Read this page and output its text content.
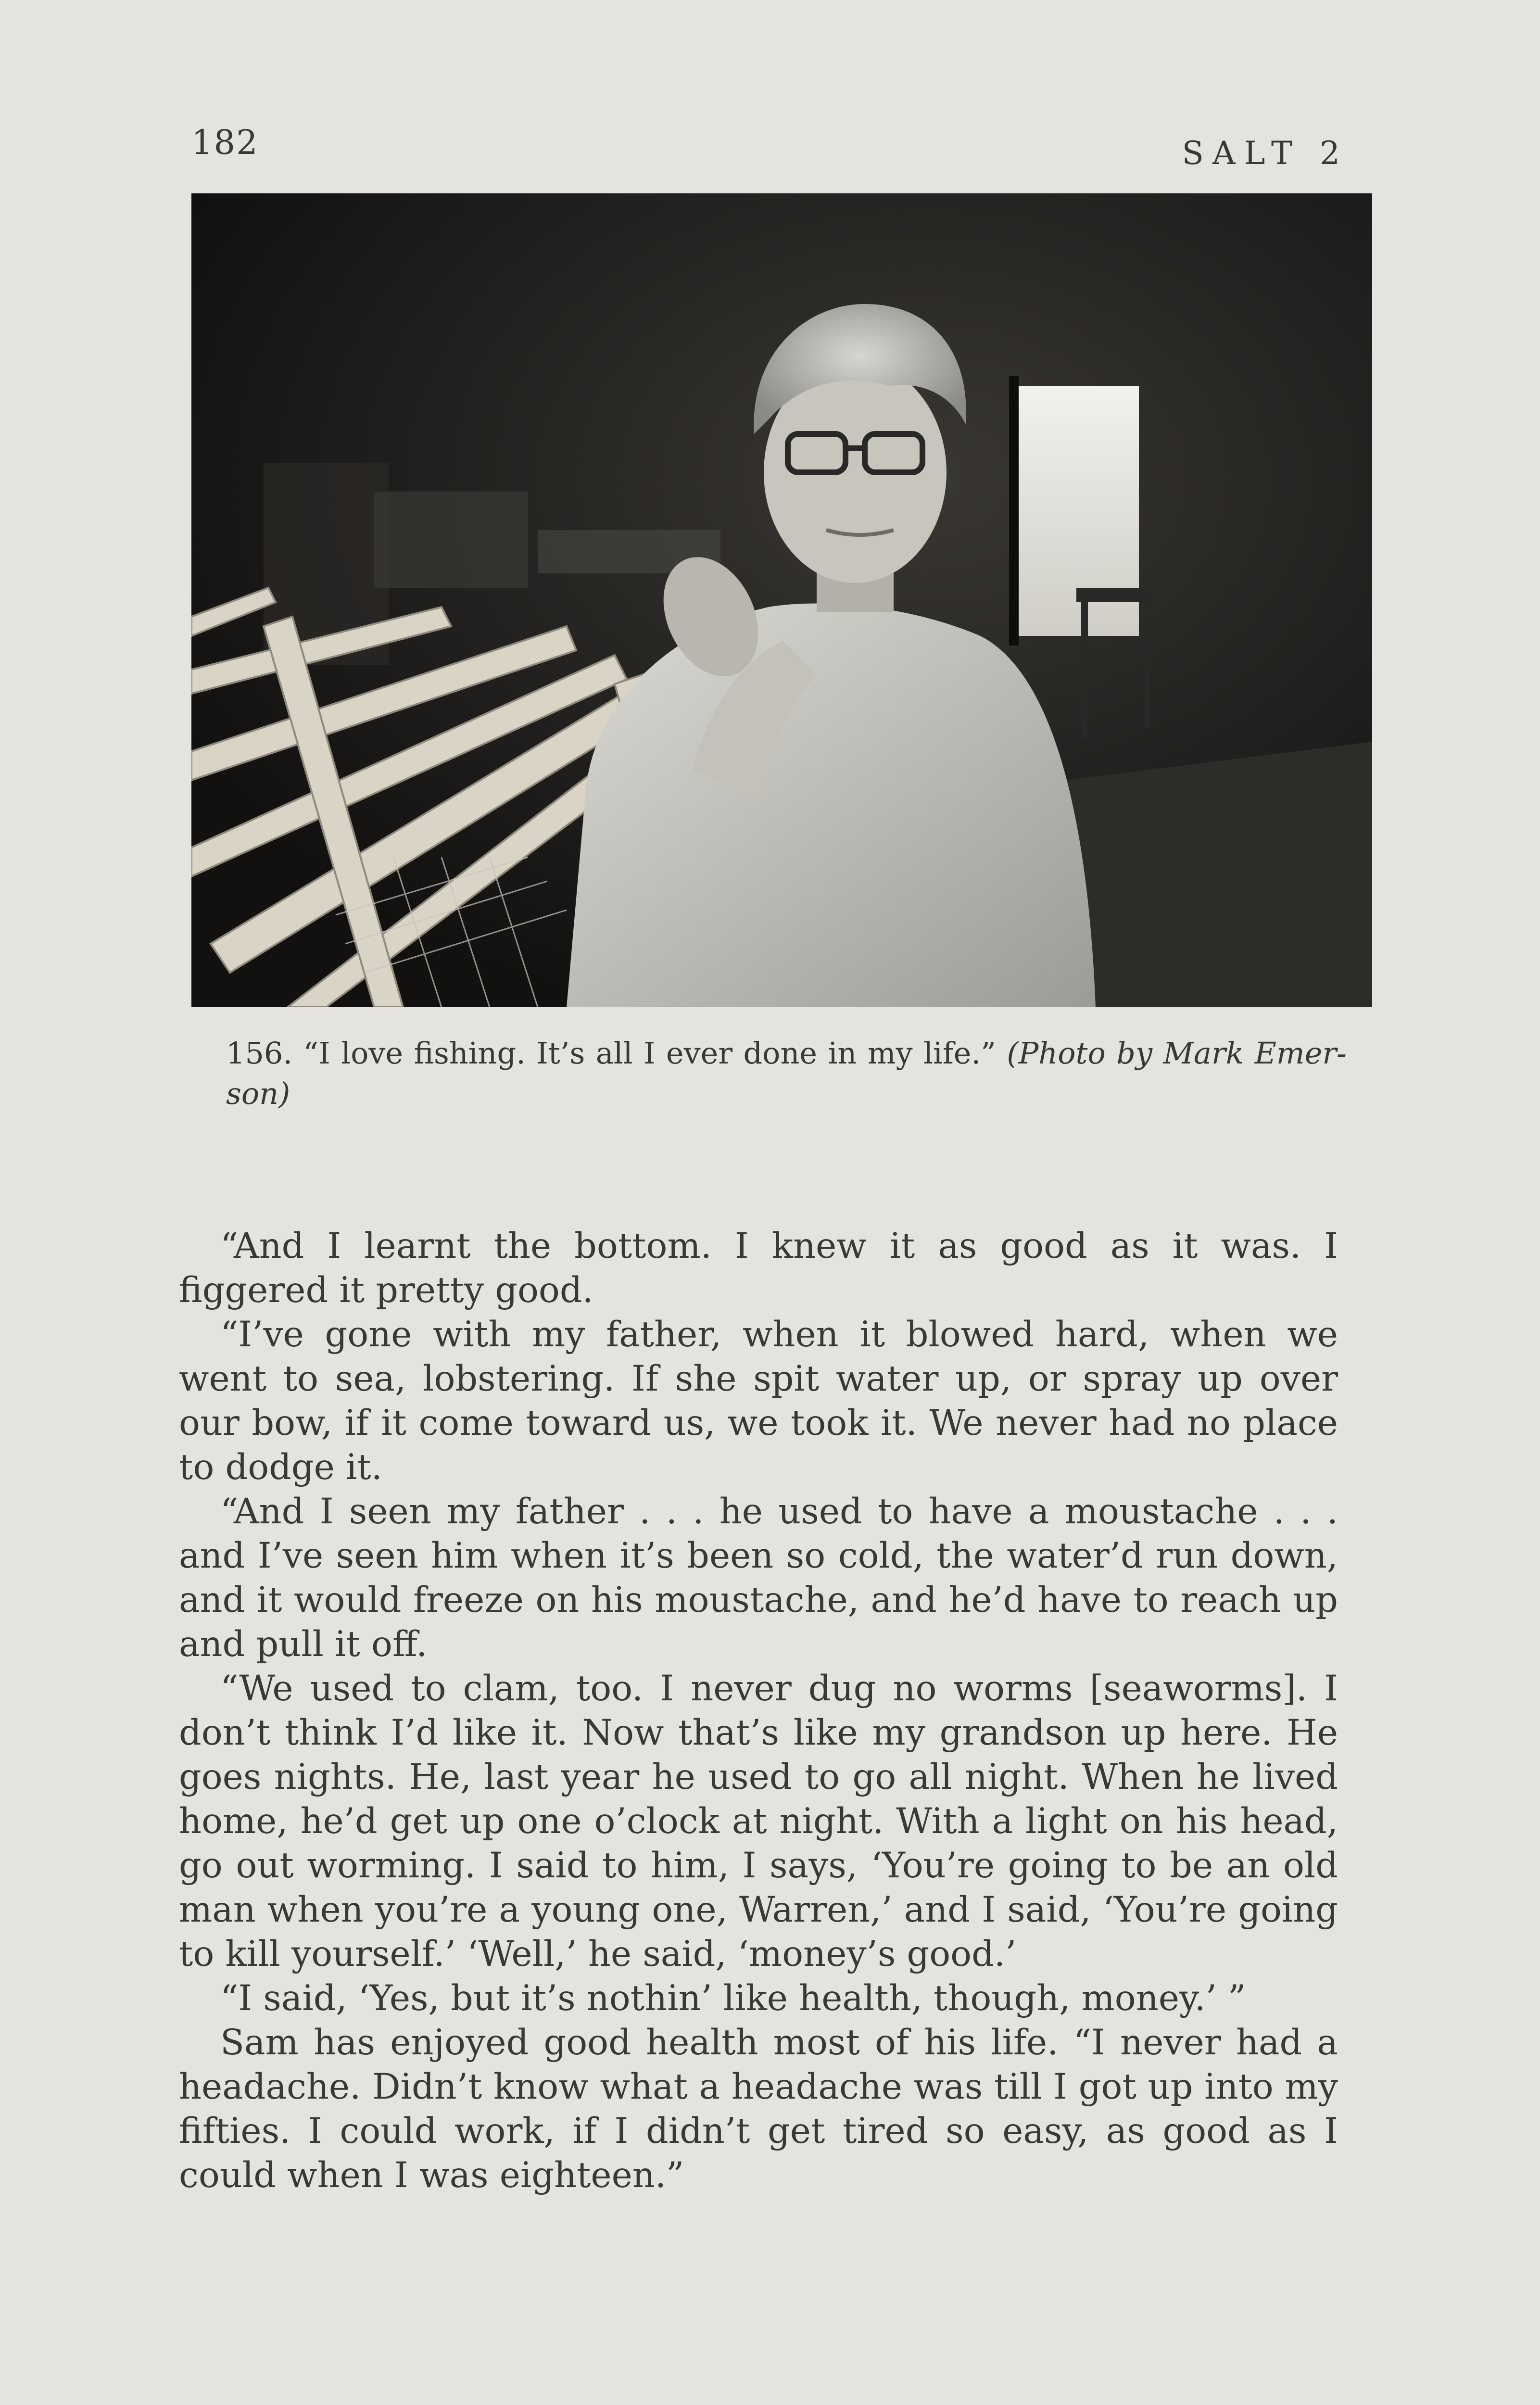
182	SALT 2
156. “I love fishing. It’s all I ever done in my life.” (Photo by Mark Emerson)

“And I learnt the bottom. I knew it as good as it was. I figgered it pretty good.

“I’ve gone with my father, when it blowed hard, when we went to sea, lobstering. If she spit water up, or spray up over our bow, if it come toward us, we took it. We never had no place to dodge it.

“And I seen my father . . . he used to have a moustache . . . and I’ve seen him when it’s been so cold, the water’d run down, and it would freeze on his moustache, and he’d have to reach up and pull it off.

“We used to clam, too. I never dug no worms [seaworms]. I don’t think I’d like it. Now that’s like my grandson up here. He goes nights. He, last year he used to go all night. When he lived home, he’d get up one o’clock at night. With a light on his head, go out worming. I said to him, I says, ‘You’re going to be an old man when you’re a young one, Warren,’ and I said, ‘You’re going to kill yourself.’ ‘Well,’ he said, ‘money’s good.’

“I said, ‘Yes, but it’s nothin’ like health, though, money.’ ”

Sam has enjoyed good health most of his life. “I never had a headache. Didn’t know what a headache was till I got up into my fifties. I could work, if I didn’t get tired so easy, as good as I could when I was eighteen.”
